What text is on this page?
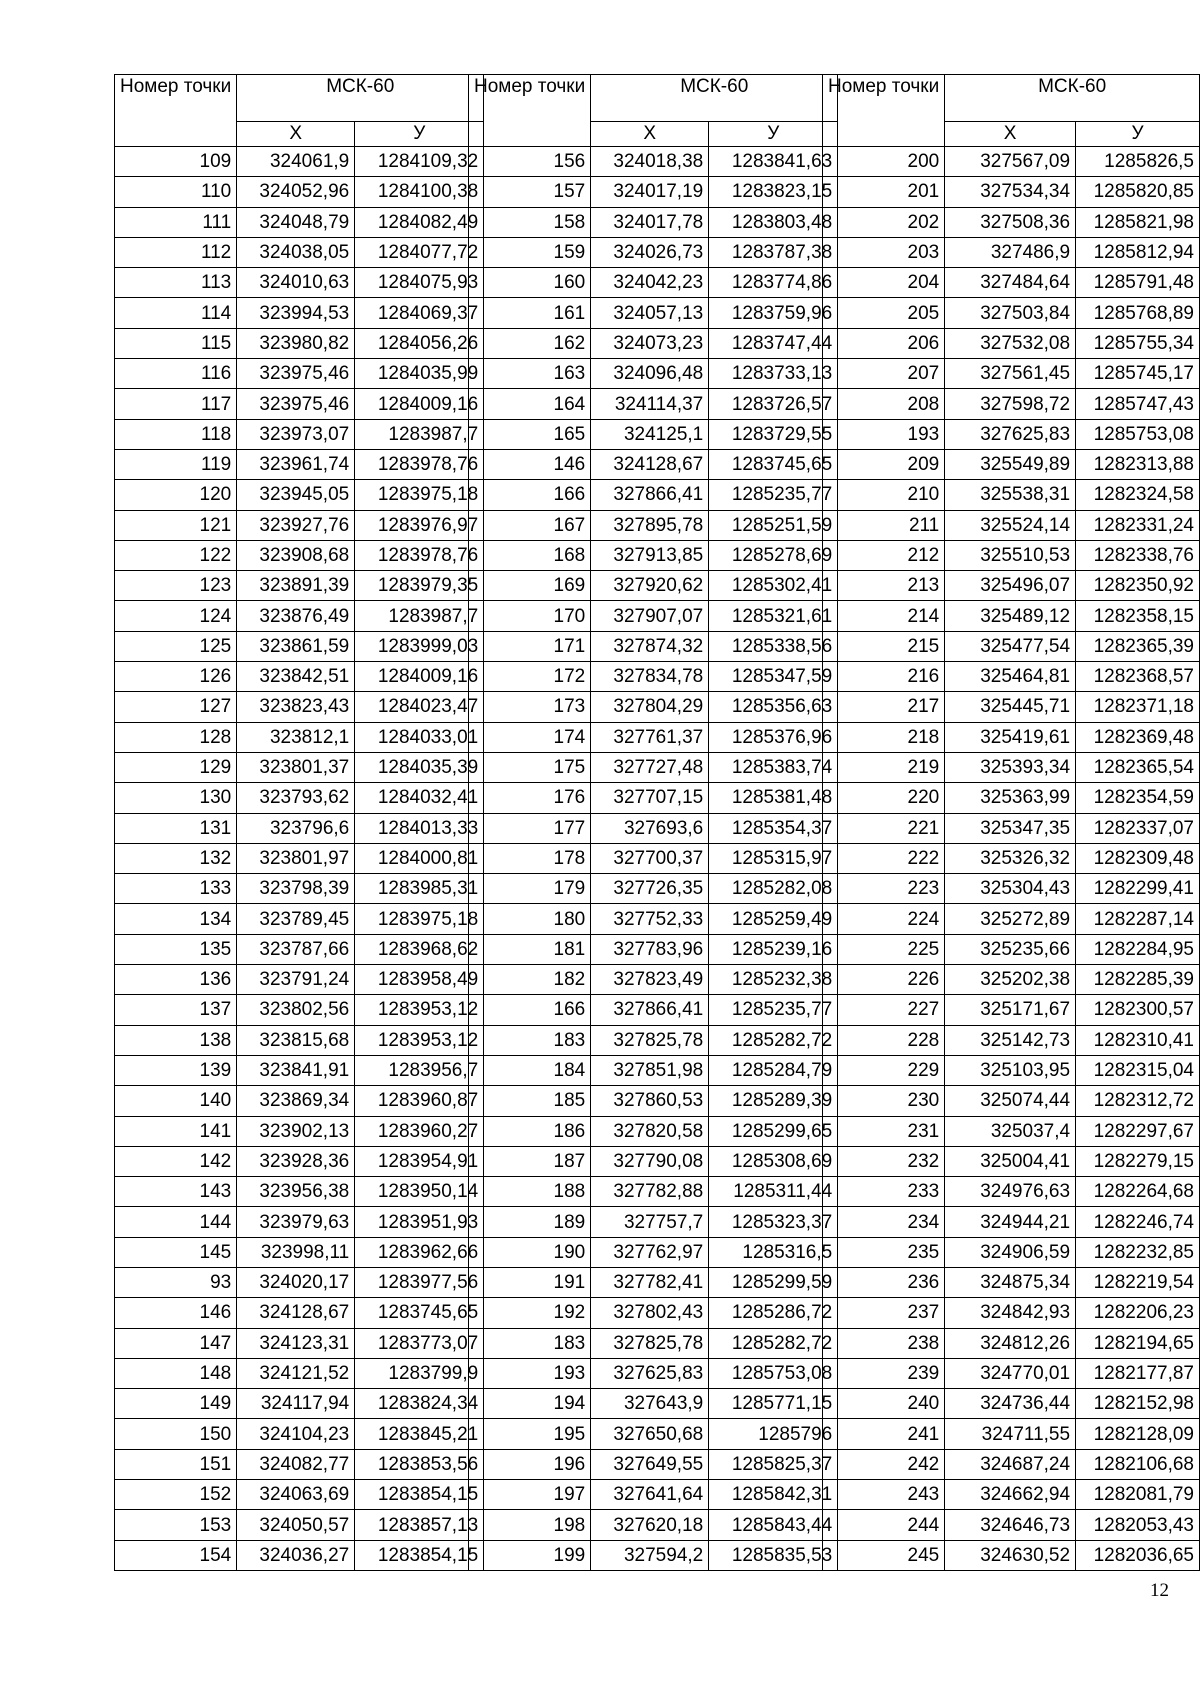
Номер точки	МСК-60	
	Х	У
109	324061,9	1284109,32
110	324052,96	1284100,38
111	324048,79	1284082,49
112	324038,05	1284077,72
113	324010,63	1284075,93
114	323994,53	1284069,37
115	323980,82	1284056,26
116	323975,46	1284035,99
117	323975,46	1284009,16
118	323973,07	1283987,7
119	323961,74	1283978,76
120	323945,05	1283975,18
121	323927,76	1283976,97
122	323908,68	1283978,76
123	323891,39	1283979,35
124	323876,49	1283987,7
125	323861,59	1283999,03
126	323842,51	1284009,16
127	323823,43	1284023,47
128	323812,1	1284033,01
129	323801,37	1284035,39
130	323793,62	1284032,41
131	323796,6	1284013,33
132	323801,97	1284000,81
133	323798,39	1283985,31
134	323789,45	1283975,18
135	323787,66	1283968,62
136	323791,24	1283958,49
137	323802,56	1283953,12
138	323815,68	1283953,12
139	323841,91	1283956,7
140	323869,34	1283960,87
141	323902,13	1283960,27
142	323928,36	1283954,91
143	323956,38	1283950,14
144	323979,63	1283951,93
145	323998,11	1283962,66
93	324020,17	1283977,56
146	324128,67	1283745,65
147	324123,31	1283773,07
148	324121,52	1283799,9
149	324117,94	1283824,34
150	324104,23	1283845,21
151	324082,77	1283853,56
152	324063,69	1283854,15
153	324050,57	1283857,13
154	324036,27	1283854,15
Номер точки	МСК-60	
	Х	У
156	324018,38	1283841,63
157	324017,19	1283823,15
158	324017,78	1283803,48
159	324026,73	1283787,38
160	324042,23	1283774,86
161	324057,13	1283759,96
162	324073,23	1283747,44
163	324096,48	1283733,13
164	324114,37	1283726,57
165	324125,1	1283729,55
146	324128,67	1283745,65
166	327866,41	1285235,77
167	327895,78	1285251,59
168	327913,85	1285278,69
169	327920,62	1285302,41
170	327907,07	1285321,61
171	327874,32	1285338,56
172	327834,78	1285347,59
173	327804,29	1285356,63
174	327761,37	1285376,96
175	327727,48	1285383,74
176	327707,15	1285381,48
177	327693,6	1285354,37
178	327700,37	1285315,97
179	327726,35	1285282,08
180	327752,33	1285259,49
181	327783,96	1285239,16
182	327823,49	1285232,38
166	327866,41	1285235,77
183	327825,78	1285282,72
184	327851,98	1285284,79
185	327860,53	1285289,39
186	327820,58	1285299,65
187	327790,08	1285308,69
188	327782,88	1285311,44
189	327757,7	1285323,37
190	327762,97	1285316,5
191	327782,41	1285299,59
192	327802,43	1285286,72
183	327825,78	1285282,72
193	327625,83	1285753,08
194	327643,9	1285771,15
195	327650,68	1285796
196	327649,55	1285825,37
197	327641,64	1285842,31
198	327620,18	1285843,44
199	327594,2	1285835,53
Номер точки	МСК-60	
	Х	У
200	327567,09	1285826,5
201	327534,34	1285820,85
202	327508,36	1285821,98
203	327486,9	1285812,94
204	327484,64	1285791,48
205	327503,84	1285768,89
206	327532,08	1285755,34
207	327561,45	1285745,17
208	327598,72	1285747,43
193	327625,83	1285753,08
209	325549,89	1282313,88
210	325538,31	1282324,58
211	325524,14	1282331,24
212	325510,53	1282338,76
213	325496,07	1282350,92
214	325489,12	1282358,15
215	325477,54	1282365,39
216	325464,81	1282368,57
217	325445,71	1282371,18
218	325419,61	1282369,48
219	325393,34	1282365,54
220	325363,99	1282354,59
221	325347,35	1282337,07
222	325326,32	1282309,48
223	325304,43	1282299,41
224	325272,89	1282287,14
225	325235,66	1282284,95
226	325202,38	1282285,39
227	325171,67	1282300,57
228	325142,73	1282310,41
229	325103,95	1282315,04
230	325074,44	1282312,72
231	325037,4	1282297,67
232	325004,41	1282279,15
233	324976,63	1282264,68
234	324944,21	1282246,74
235	324906,59	1282232,85
236	324875,34	1282219,54
237	324842,93	1282206,23
238	324812,26	1282194,65
239	324770,01	1282177,87
240	324736,44	1282152,98
241	324711,55	1282128,09
242	324687,24	1282106,68
243	324662,94	1282081,79
244	324646,73	1282053,43
245	324630,52	1282036,65
12
